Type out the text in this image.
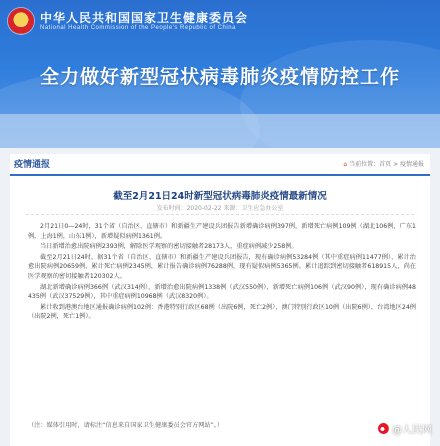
中华人民共和国国家卫生健康委员会
National Health Commission of the People's Republic of China
全力做好新型冠状病毒肺炎疫情防控工作
疫情通报	⌂ 当前位置：首页 > 疫情通报
截至2月21日24时新型冠状病毒肺炎疫情最新情况
发布时间：2020-02-22 来源：卫生应急办公室

2月21日0—24时，31个省（自治区、直辖市）和新疆生产建设兵团报告新增确诊病例397例，新增死亡病例109例（湖北106例，广东1例，上海1例，山东1例），新增疑似病例1361例。

当日新增治愈出院病例2393例，解除医学观察的密切接触者28173人，重症病例减少258例。

截至2月21日24时，据31个省（自治区、直辖市）和新疆生产建设兵团报告，现有确诊病例53284例（其中重症病例11477例），累计治愈出院病例20659例，累计死亡病例2345例，累计报告确诊病例76288例，现有疑似病例5365例。累计追踪到密切接触者618915人，尚在医学观察的密切接触者120302人。

湖北新增确诊病例366例（武汉314例），新增治愈出院病例1338例（武汉550例），新增死亡病例106例（武汉90例），现有确诊病例48435例（武汉37529例），其中重症病例10968例（武汉8320例）。

累计收到港澳台地区通报确诊病例102例：香港特别行政区68例（出院6例，死亡2例），澳门特别行政区10例（出院6例），台湾地区24例（出院2例，死亡1例）。

（注：媒体引用时，请标注“信息来自国家卫生健康委员会官方网站”。）	@人民网
